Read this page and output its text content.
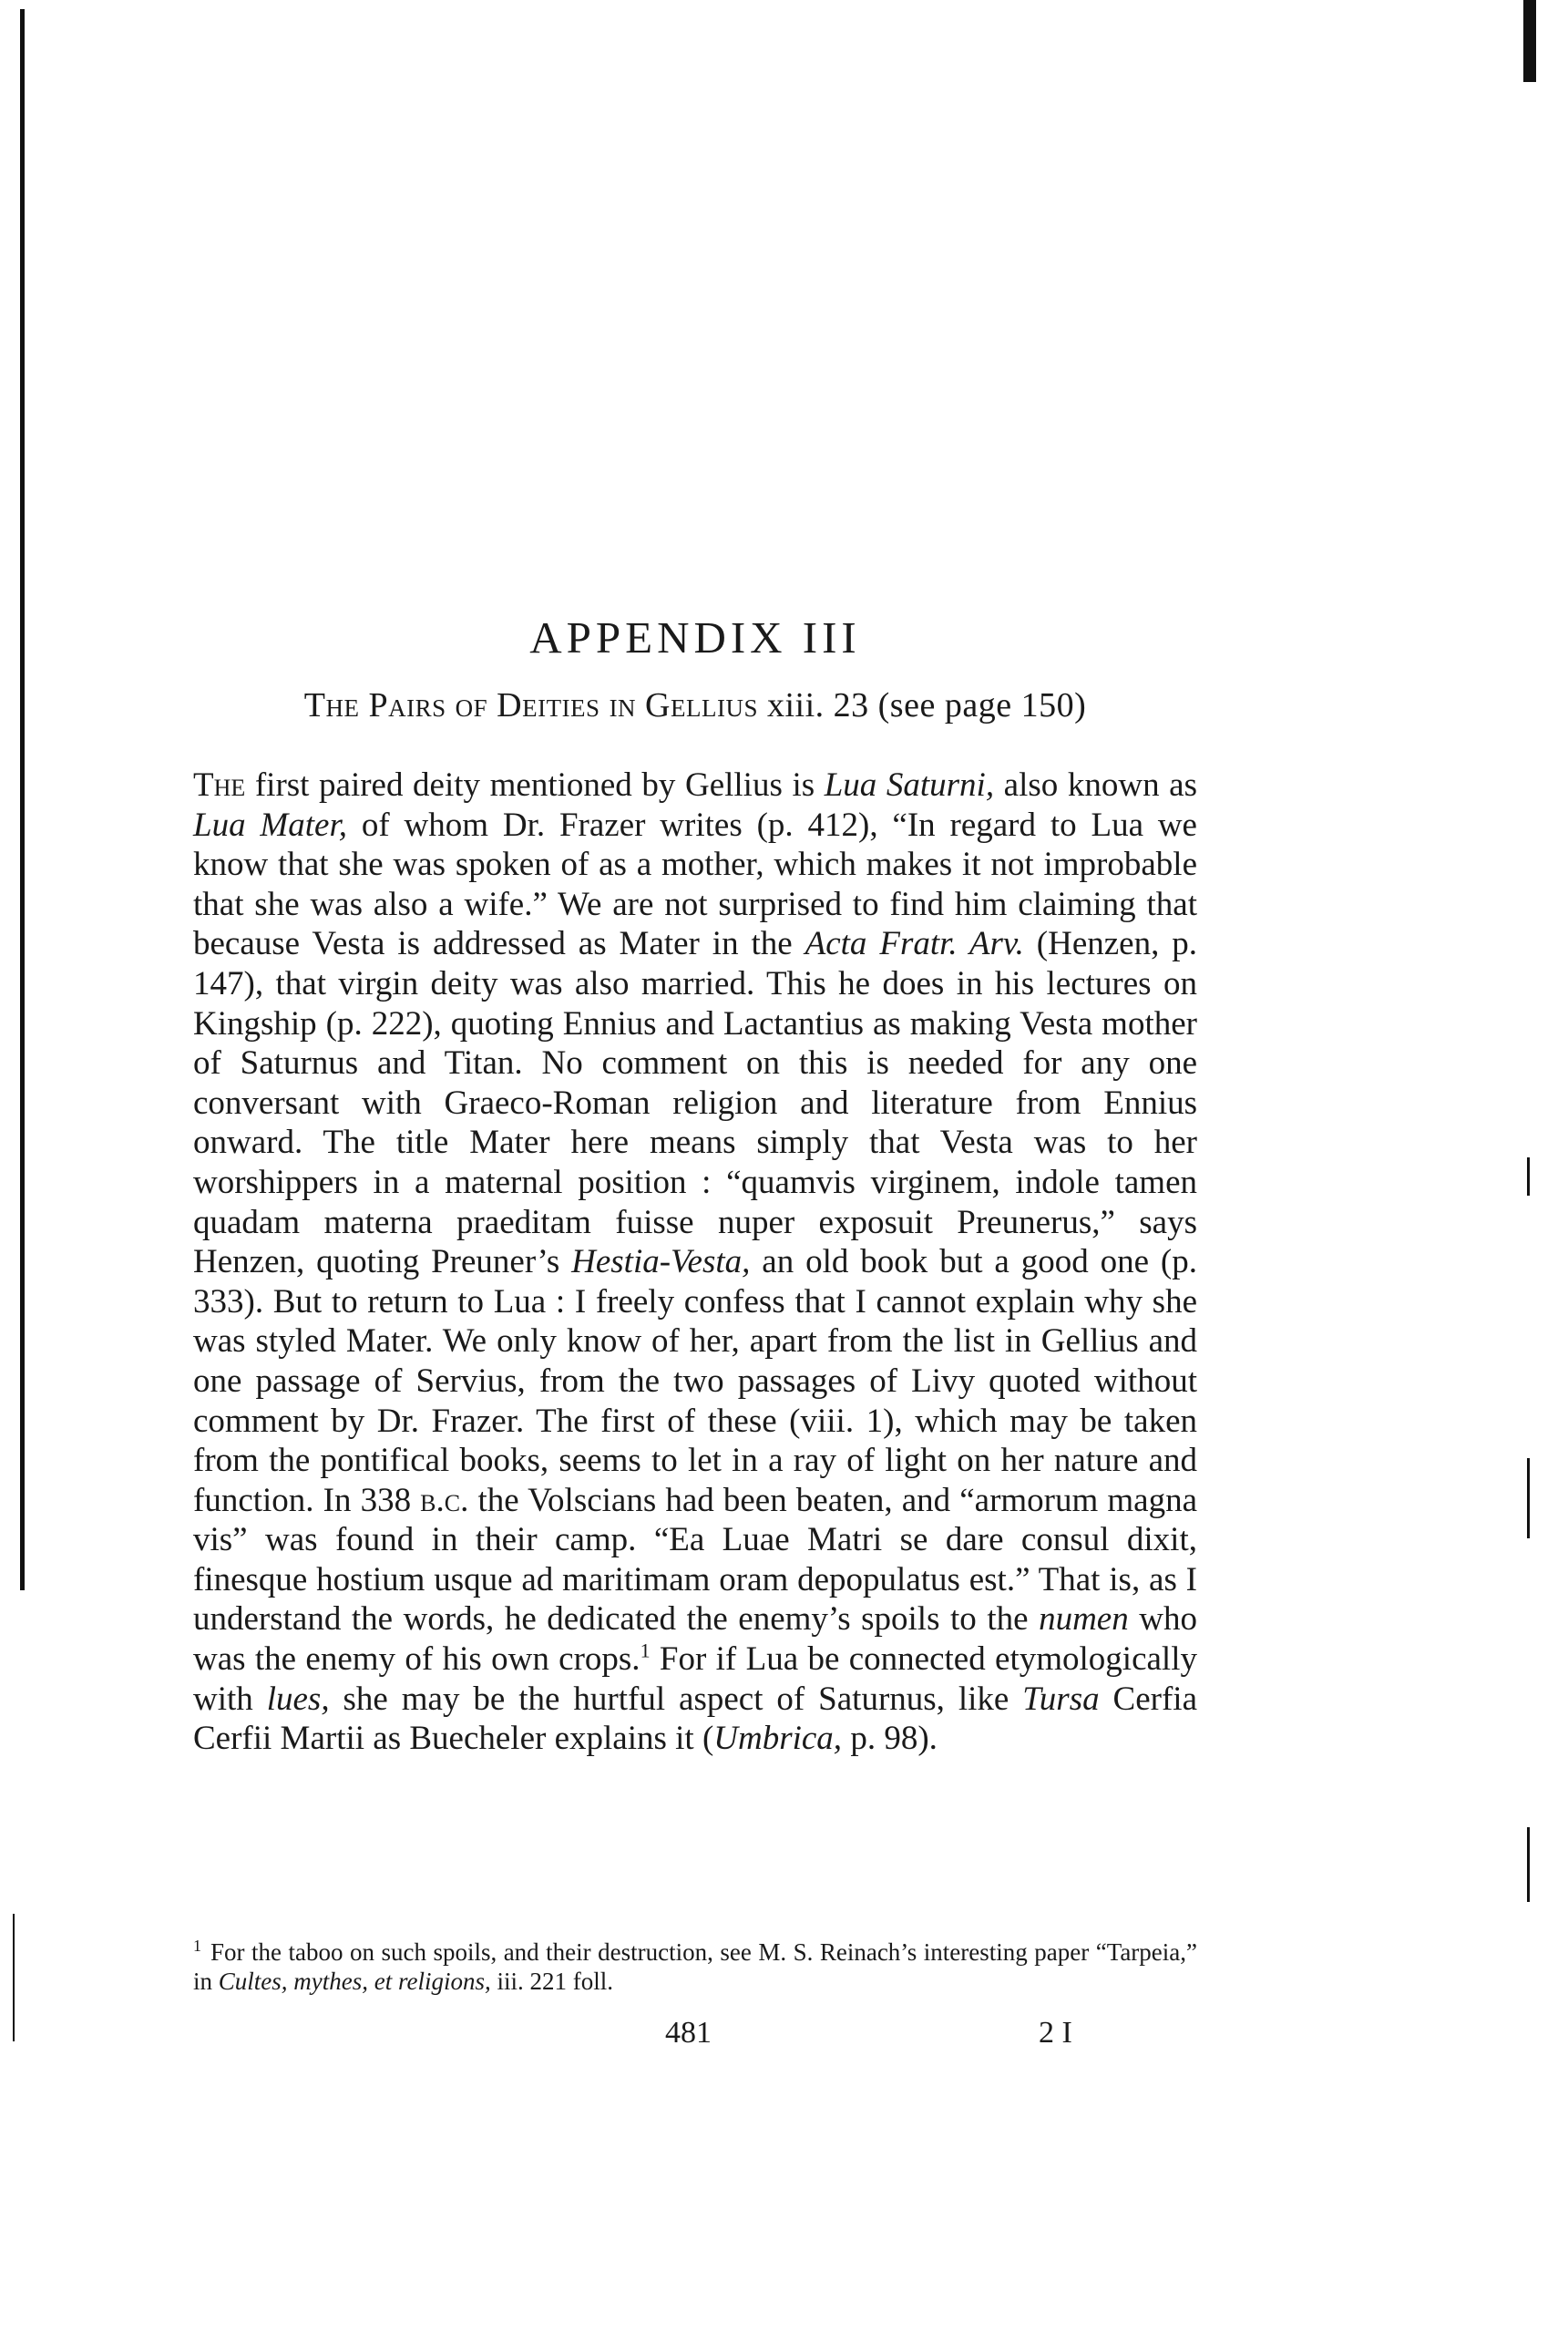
APPENDIX III
The Pairs of Deities in Gellius xiii. 23 (see page 150)

The first paired deity mentioned by Gellius is Lua Saturni, also known as Lua Mater, of whom Dr. Frazer writes (p. 412), “In regard to Lua we know that she was spoken of as a mother, which makes it not improbable that she was also a wife.” We are not surprised to find him claiming that because Vesta is addressed as Mater in the Acta Fratr. Arv. (Henzen, p. 147), that virgin deity was also married. This he does in his lectures on Kingship (p. 222), quoting Ennius and Lactantius as making Vesta mother of Saturnus and Titan. No comment on this is needed for any one conversant with Graeco-Roman religion and literature from Ennius onward. The title Mater here means simply that Vesta was to her worshippers in a maternal position : “quamvis virginem, indole tamen quadam materna praeditam fuisse nuper exposuit Preunerus,” says Henzen, quoting Preuner’s Hestia-Vesta, an old book but a good one (p. 333). But to return to Lua : I freely confess that I cannot explain why she was styled Mater. We only know of her, apart from the list in Gellius and one passage of Servius, from the two passages of Livy quoted without comment by Dr. Frazer. The first of these (viii. 1), which may be taken from the pontifical books, seems to let in a ray of light on her nature and function. In 338 b.c. the Volscians had been beaten, and “armorum magna vis” was found in their camp. “Ea Luae Matri se dare consul dixit, finesque hostium usque ad maritimam oram depopulatus est.” That is, as I understand the words, he dedicated the enemy’s spoils to the numen who was the enemy of his own crops.$^1$ For if Lua be connected etymologically with lues, she may be the hurtful aspect of Saturnus, like Tursa Cerfia Cerfii Martii as Buecheler explains it (Umbrica, p. 98).

$^1$ For the taboo on such spoils, and their destruction, see M. S. Reinach’s interesting paper “Tarpeia,” in Cultes, mythes, et religions, iii. 221 foll.

481	2 I
